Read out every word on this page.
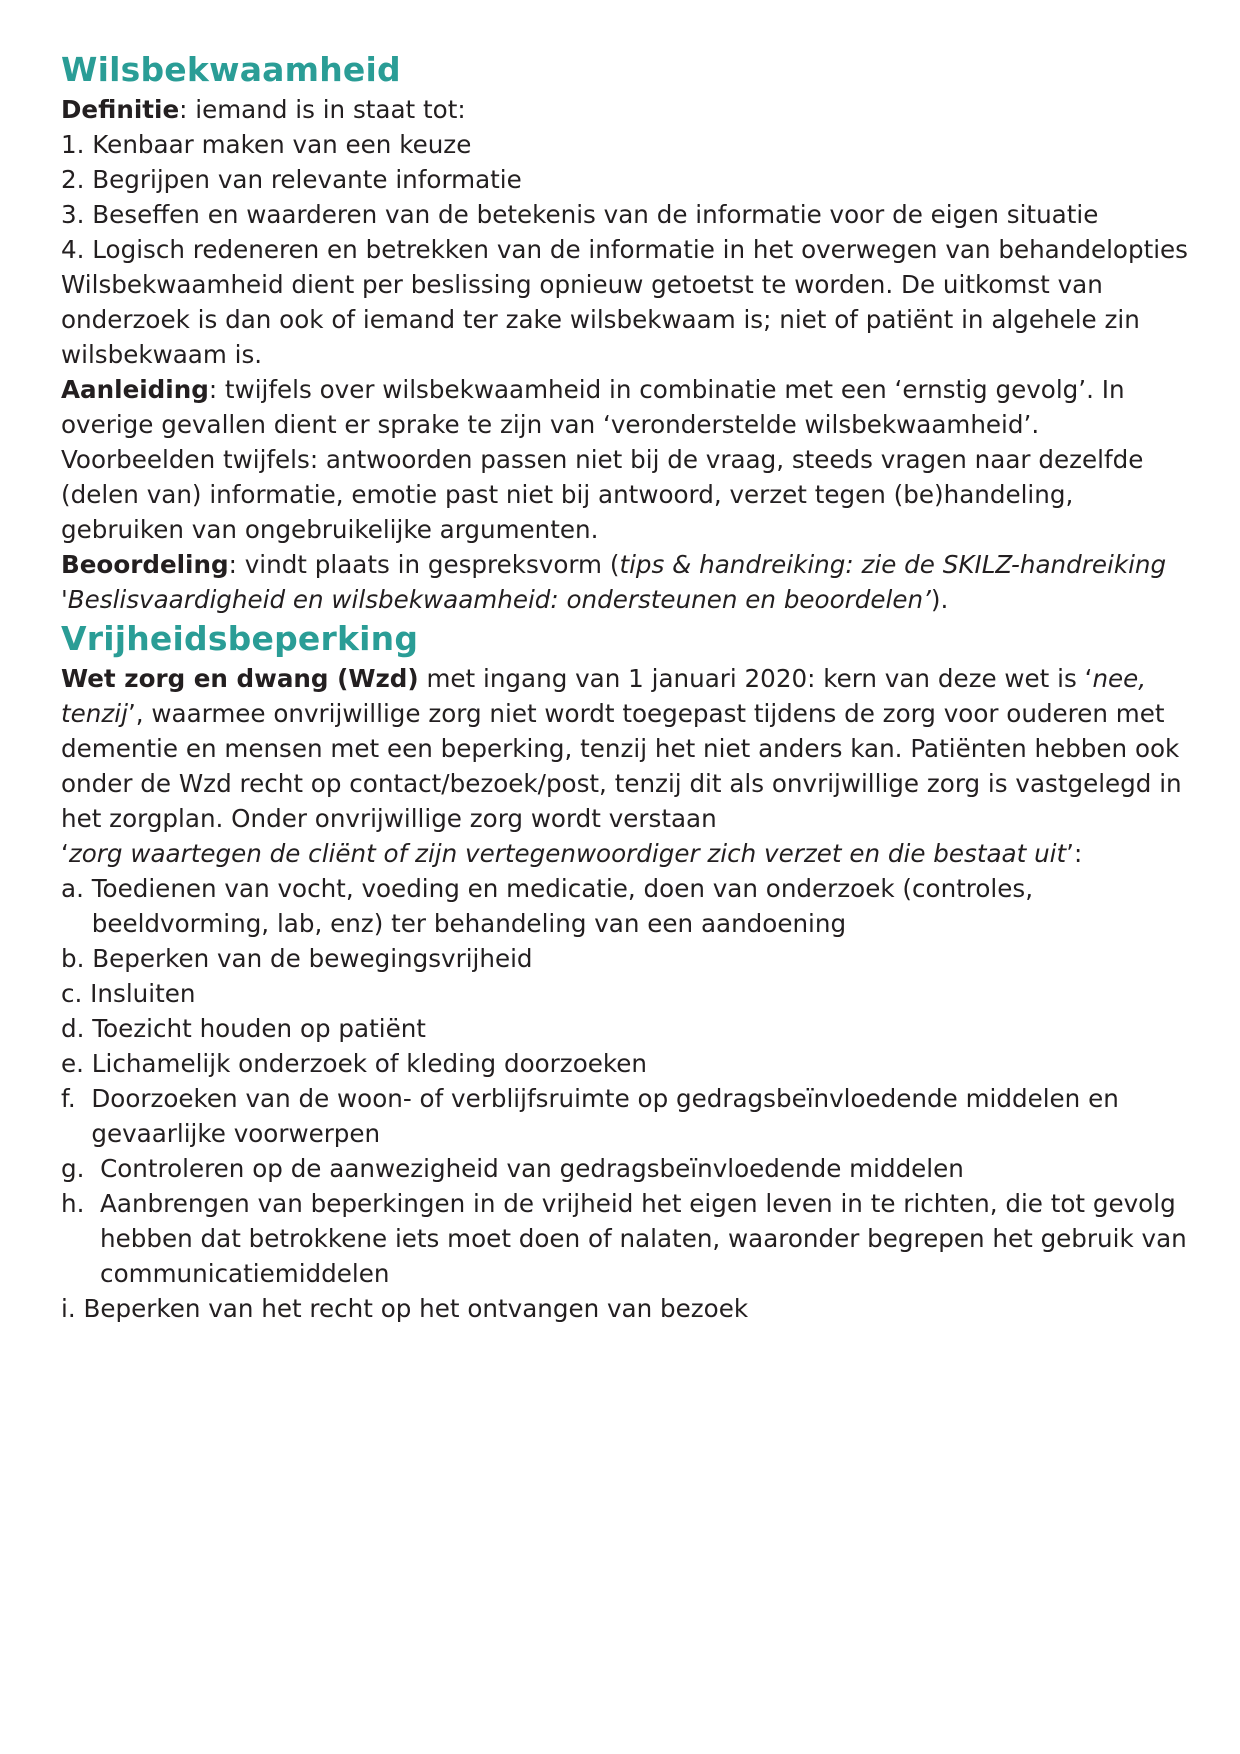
Wilsbekwaamheid

Definitie: iemand is in staat tot:

1. Kenbaar maken van een keuze
2. Begrijpen van relevante informatie
3. Beseffen en waarderen van de betekenis van de informatie voor de eigen situatie
4. Logisch redeneren en betrekken van de informatie in het overwegen van behandelopties

Wilsbekwaamheid dient per beslissing opnieuw getoetst te worden. De uitkomst van onderzoek is dan ook of iemand ter zake wilsbekwaam is; niet of patiënt in algehele zin wilsbekwaam is.

Aanleiding: twijfels over wilsbekwaamheid in combinatie met een ‘ernstig gevolg’. In overige gevallen dient er sprake te zijn van ‘veronderstelde wilsbekwaamheid’.

Voorbeelden twijfels: antwoorden passen niet bij de vraag, steeds vragen naar dezelfde (delen van) informatie, emotie past niet bij antwoord, verzet tegen (be)handeling, gebruiken van ongebruikelijke argumenten.

Beoordeling: vindt plaats in gespreksvorm (tips & handreiking: zie de SKILZ-handreiking 'Beslisvaardigheid en wilsbekwaamheid: ondersteunen en beoordelen’).

Vrijheidsbeperking

Wet zorg en dwang (Wzd) met ingang van 1 januari 2020: kern van deze wet is ‘nee, tenzij’, waarmee onvrijwillige zorg niet wordt toegepast tijdens de zorg voor ouderen met dementie en mensen met een beperking, tenzij het niet anders kan. Patiënten hebben ook onder de Wzd recht op contact/bezoek/post, tenzij dit als onvrijwillige zorg is vastgelegd in het zorgplan. Onder onvrijwillige zorg wordt verstaan

‘zorg waartegen de cliënt of zijn vertegenwoordiger zich verzet en die bestaat uit’:

a. Toedienen van vocht, voeding en medicatie, doen van onderzoek (controles, beeldvorming, lab, enz) ter behandeling van een aandoening
b. Beperken van de bewegingsvrijheid
c. Insluiten
d. Toezicht houden op patiënt
e. Lichamelijk onderzoek of kleding doorzoeken
f. Doorzoeken van de woon- of verblijfsruimte op gedragsbeïnvloedende middelen en gevaarlijke voorwerpen
g. Controleren op de aanwezigheid van gedragsbeïnvloedende middelen
h. Aanbrengen van beperkingen in de vrijheid het eigen leven in te richten, die tot gevolg hebben dat betrokkene iets moet doen of nalaten, waaronder begrepen het gebruik van communicatiemiddelen
i. Beperken van het recht op het ontvangen van bezoek
